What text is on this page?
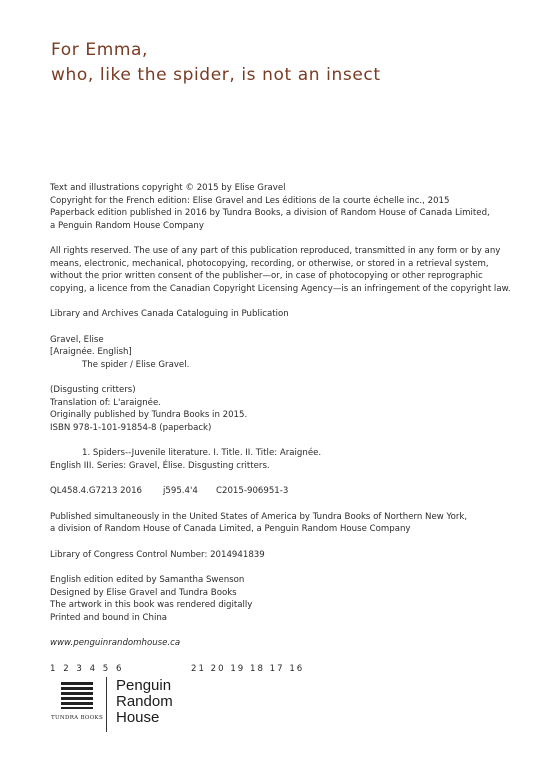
For Emma,
who, like the spider, is not an insect
Text and illustrations copyright © 2015 by Elise Gravel
Copyright for the French edition: Elise Gravel and Les éditions de la courte échelle inc., 2015
Paperback edition published in 2016 by Tundra Books, a division of Random House of Canada Limited,
a Penguin Random House Company
All rights reserved. The use of any part of this publication reproduced, transmitted in any form or by any
means, electronic, mechanical, photocopying, recording, or otherwise, or stored in a retrieval system,
without the prior written consent of the publisher—or, in case of photocopying or other reprographic
copying, a licence from the Canadian Copyright Licensing Agency—is an infringement of the copyright law.
Library and Archives Canada Cataloguing in Publication
Gravel, Elise
[Araignée. English]
The spider / Elise Gravel.
(Disgusting critters)
Translation of: L'araignée.
Originally published by Tundra Books in 2015.
ISBN 978-1-101-91854-8 (paperback)
1. Spiders--Juvenile literature. I. Title. II. Title: Araignée.
English III. Series: Gravel, Élise. Disgusting critters.
QL458.4.G7213 2016 j595.4'4 C2015-906951-3
Published simultaneously in the United States of America by Tundra Books of Northern New York,
a division of Random House of Canada Limited, a Penguin Random House Company
Library of Congress Control Number: 2014941839
English edition edited by Samantha Swenson
Designed by Elise Gravel and Tundra Books
The artwork in this book was rendered digitally
Printed and bound in China
www.penguinrandomhouse.ca
1 2 3 4 5 6	21 20 19 18 17 16
TUNDRA BOOKS
Penguin
Random
House
